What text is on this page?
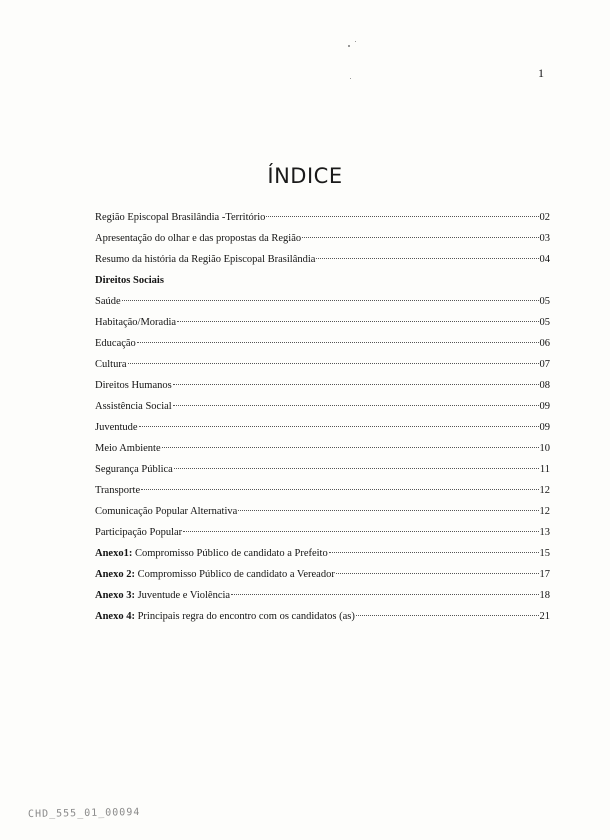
1
ÍNDICE
Região Episcopal Brasilândia -Território	02
Apresentação do olhar e das propostas da Região	03
Resumo da história da Região Episcopal Brasilândia	04
Direitos Sociais
Saúde	05
Habitação/Moradia	05
Educação	06
Cultura	07
Direitos Humanos	08
Assistência Social	09
Juventude	09
Meio Ambiente	10
Segurança Pública	11
Transporte	12
Comunicação Popular Alternativa	12
Participação Popular	13
Anexo1: Compromisso Público de candidato a Prefeito	15
Anexo 2: Compromisso Público de candidato a Vereador	17
Anexo 3: Juventude e Violência	18
Anexo 4: Principais regra do encontro com os candidatos (as)	21
CHD_555_01_00094
